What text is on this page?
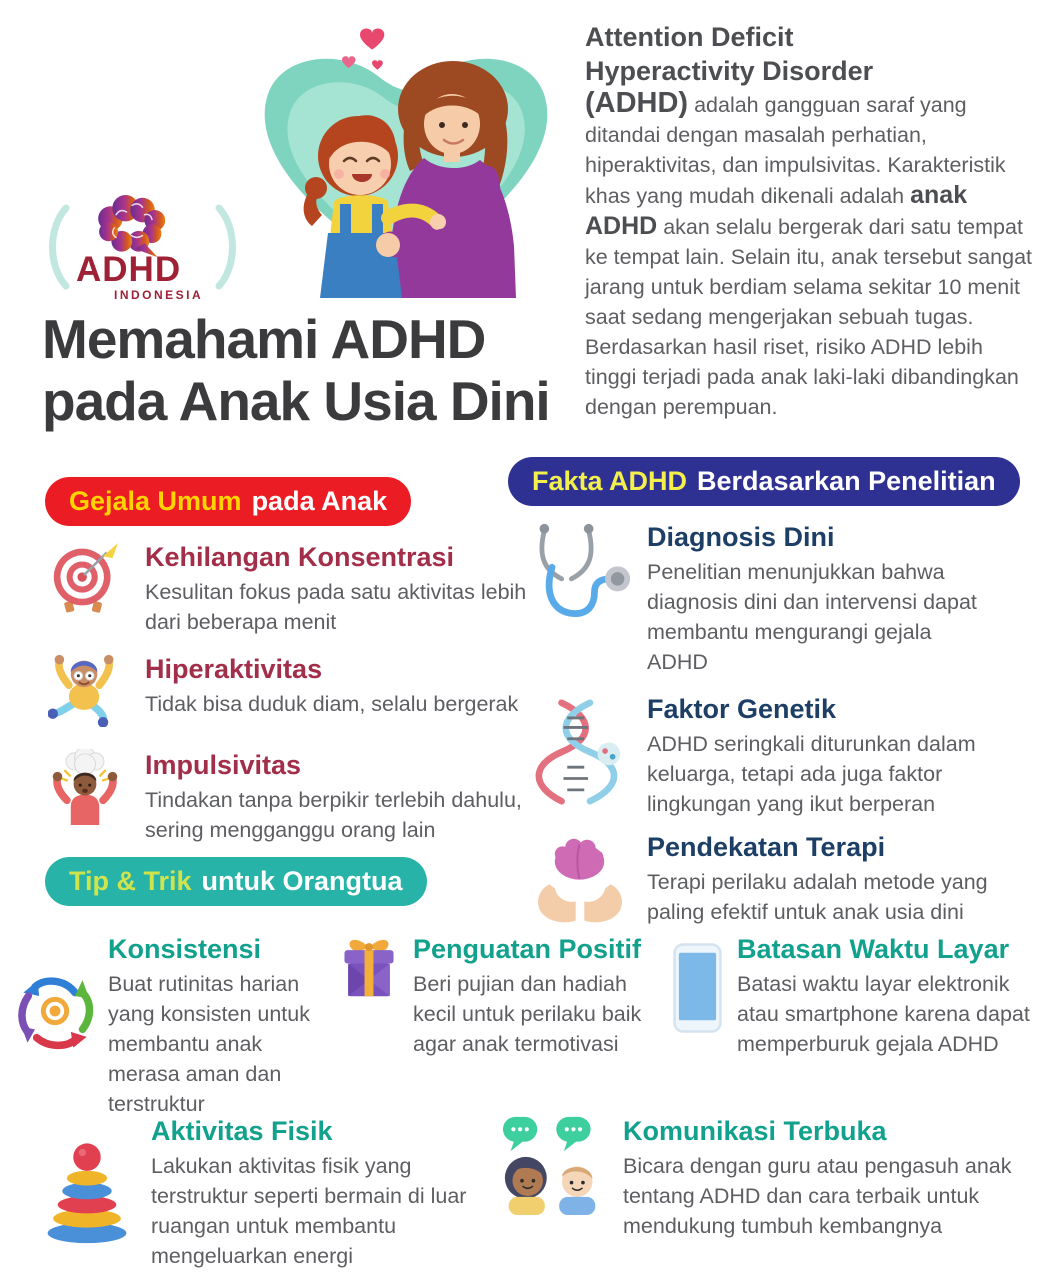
ADHD
INDONESIA
Attention Deficit
Hyperactivity Disorder
(ADHD) adalah gangguan saraf yang ditandai dengan masalah perhatian, hiperaktivitas, dan impulsivitas. Karakteristik khas yang mudah dikenali adalah anak ADHD akan selalu bergerak dari satu tempat ke tempat lain. Selain itu, anak tersebut sangat jarang untuk berdiam selama sekitar 10 menit saat sedang mengerjakan sebuah tugas. Berdasarkan hasil riset, risiko ADHD lebih tinggi terjadi pada anak laki-laki dibandingkan dengan perempuan.
Memahami ADHD
pada Anak Usia Dini
Gejala Umum pada Anak
Fakta ADHD Berdasarkan Penelitian
Tip & Trik untuk Orangtua
Kehilangan Konsentrasi
Kesulitan fokus pada satu aktivitas lebih dari beberapa menit
Hiperaktivitas
Tidak bisa duduk diam, selalu bergerak
Impulsivitas
Tindakan tanpa berpikir terlebih dahulu, sering mengganggu orang lain
Diagnosis Dini
Penelitian menunjukkan bahwa diagnosis dini dan intervensi dapat membantu mengurangi gejala ADHD
Faktor Genetik
ADHD seringkali diturunkan dalam keluarga, tetapi ada juga faktor lingkungan yang ikut berperan
Pendekatan Terapi
Terapi perilaku adalah metode yang paling efektif untuk anak usia dini
Konsistensi
Buat rutinitas harian yang konsisten untuk membantu anak merasa aman dan terstruktur
Penguatan Positif
Beri pujian dan hadiah kecil untuk perilaku baik agar anak termotivasi
Batasan Waktu Layar
Batasi waktu layar elektronik atau smartphone karena dapat memperburuk gejala ADHD
Aktivitas Fisik
Lakukan aktivitas fisik yang terstruktur seperti bermain di luar ruangan untuk membantu mengeluarkan energi
Komunikasi Terbuka
Bicara dengan guru atau pengasuh anak tentang ADHD dan cara terbaik untuk mendukung tumbuh kembangnya
